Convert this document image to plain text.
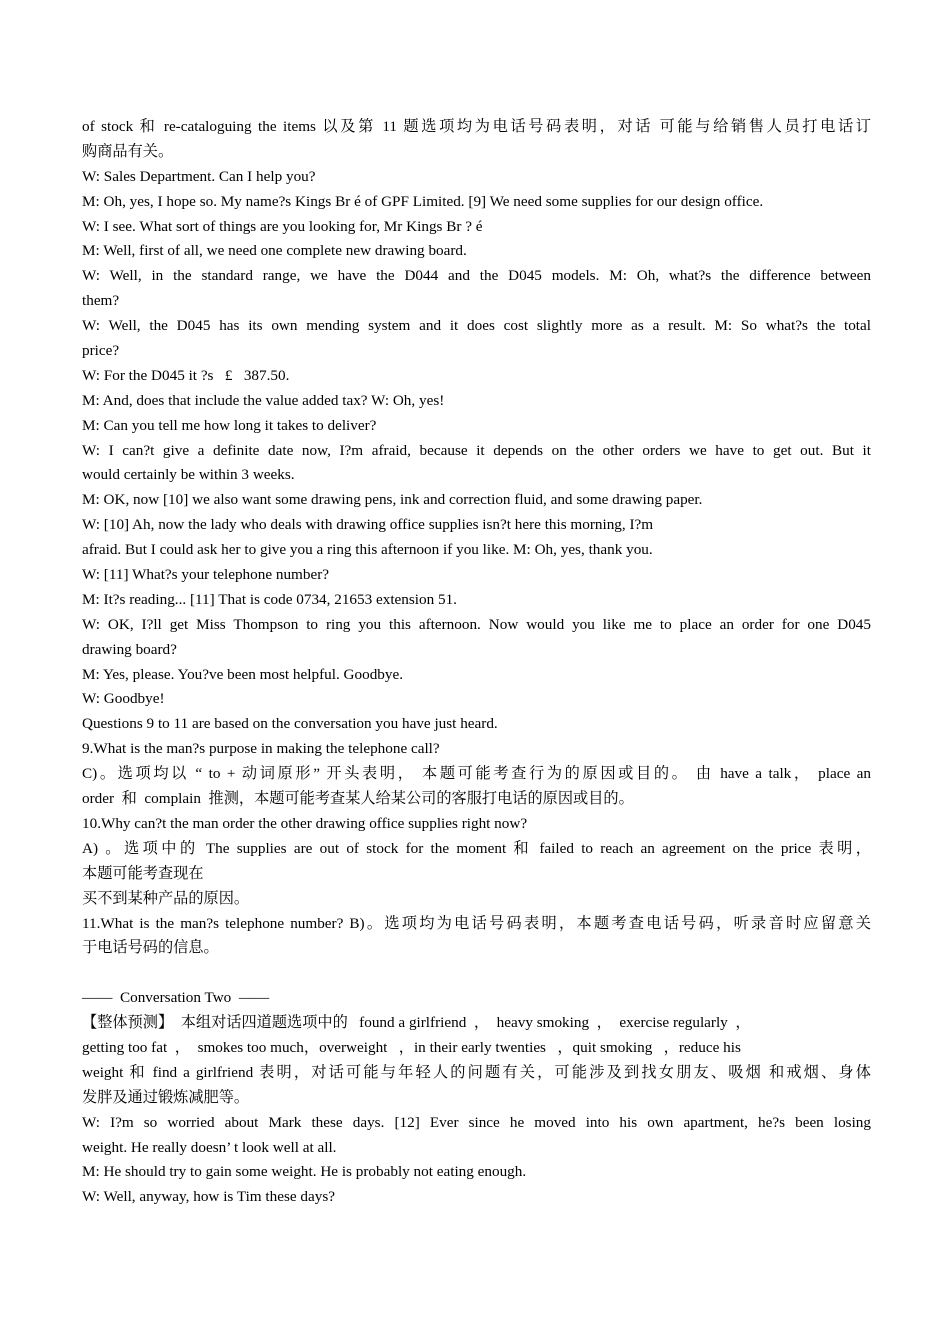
of stock 和 re-cataloguing the items 以及第 11 题选项均为电话号码表明，对话 可能与给销售人员打电话订
购商品有关。
W: Sales Department. Can I help you?
M: Oh, yes, I hope so. My name?s Kings Br é of GPF Limited. [9] We need some supplies for our design office.
W: I see. What sort of things are you looking for, Mr Kings Br ? é
M: Well, first of all, we need one complete new drawing board.
W: Well, in the standard range, we have the D044 and the D045 models. M: Oh, what?s the difference between
them?
W: Well, the D045 has its own mending system and it does cost slightly more as a result. M: So what?s the total
price?
W: For the D045 it ?s   £   387.50.
M: And, does that include the value added tax? W: Oh, yes!
M: Can you tell me how long it takes to deliver?
W: I can?t give a definite date now, I?m afraid, because it depends on the other orders we have to get out. But it
would certainly be within 3 weeks.
M: OK, now [10] we also want some drawing pens, ink and correction fluid, and some drawing paper.
W: [10] Ah, now the lady who deals with drawing office supplies isn?t here this morning, I?m
afraid. But I could ask her to give you a ring this afternoon if you like. M: Oh, yes, thank you.
W: [11] What?s your telephone number?
M: It?s reading... [11] That is code 0734, 21653 extension 51.
W: OK, I?ll get Miss Thompson to ring you this afternoon. Now would you like me to place an order for one D045
drawing board?
M: Yes, please. You?ve been most helpful. Goodbye.
W: Goodbye!
Questions 9 to 11 are based on the conversation you have just heard.
9.What is the man?s purpose in making the telephone call?
C)。选项均以 “ to + 动词原形” 开头表明， 本题可能考查行为的原因或目的。 由 have a talk， place an
order  和  complain  推测，本题可能考查某人给某公司的客服打电话的原因或目的。
10.Why can?t the man order the other drawing office supplies right now?
A) 。选项中的 The supplies are out of stock for the moment 和 failed to reach an agreement on the price 表明，
本题可能考查现在
买不到某种产品的原因。
11.What is the man?s telephone number? B)。选项均为电话号码表明，本题考查电话号码，听录音时应留意关
于电话号码的信息。
——  Conversation Two  ——
【整体预测】  本组对话四道题选项中的   found a girlfriend  ，  heavy smoking  ，  exercise regularly  ，
getting too fat  ，  smokes too much，overweight   ，in their early twenties   ，quit smoking   ，reduce his
weight 和 find a girlfriend 表明，对话可能与年轻人的问题有关，可能涉及到找女朋友、吸烟 和戒烟、身体
发胖及通过锻炼减肥等。
W: I?m so worried about Mark these days. [12] Ever since he moved into his own apartment, he?s been losing
weight. He really doesn’ t look well at all.
M: He should try to gain some weight. He is probably not eating enough.
W: Well, anyway, how is Tim these days?
